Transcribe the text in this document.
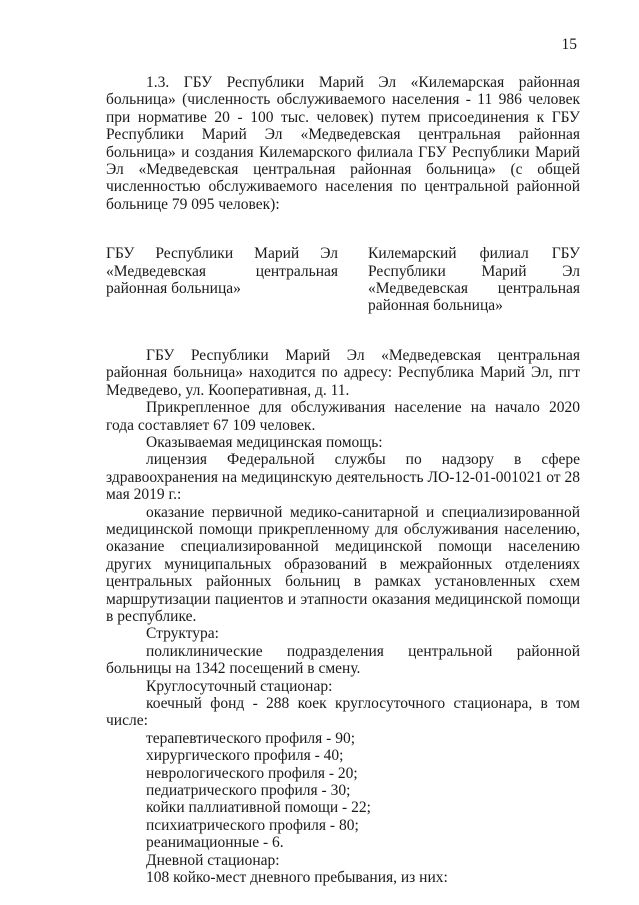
15

1.3. ГБУ Республики Марий Эл «Килемарская районная больница» (численность обслуживаемого населения - 11 986 человек при нормативе 20 - 100 тыс. человек) путем присоединения к ГБУ Республики Марий Эл «Медведевская центральная районная больница» и создания Килемарского филиала ГБУ Республики Марий Эл «Медведевская центральная районная больница» (с общей численностью обслуживаемого населения по центральной районной больнице 79 095 человек):

ГБУ Республики Марий Эл «Медведевская центральная районная больница»
Килемарский филиал ГБУ Республики Марий Эл «Медведевская центральная районная больница»

ГБУ Республики Марий Эл «Медведевская центральная районная больница» находится по адресу: Республика Марий Эл, пгт Медведево, ул. Кооперативная, д. 11.

Прикрепленное для обслуживания население на начало 2020 года составляет 67 109 человек.

Оказываемая медицинская помощь:

лицензия Федеральной службы по надзору в сфере здравоохранения на медицинскую деятельность ЛО-12-01-001021 от 28 мая 2019 г.:

оказание первичной медико-санитарной и специализированной медицинской помощи прикрепленному для обслуживания населению, оказание специализированной медицинской помощи населению других муниципальных образований в межрайонных отделениях центральных районных больниц в рамках установленных схем маршрутизации пациентов и этапности оказания медицинской помощи в республике.

Структура:

поликлинические подразделения центральной районной больницы на 1342 посещений в смену.

Круглосуточный стационар:

коечный фонд - 288 коек круглосуточного стационара, в том числе:

терапевтического профиля - 90;

хирургического профиля - 40;

неврологического профиля - 20;

педиатрического профиля - 30;

койки паллиативной помощи - 22;

психиатрического профиля - 80;

реанимационные - 6.

Дневной стационар:

108 койко-мест дневного пребывания, из них:
